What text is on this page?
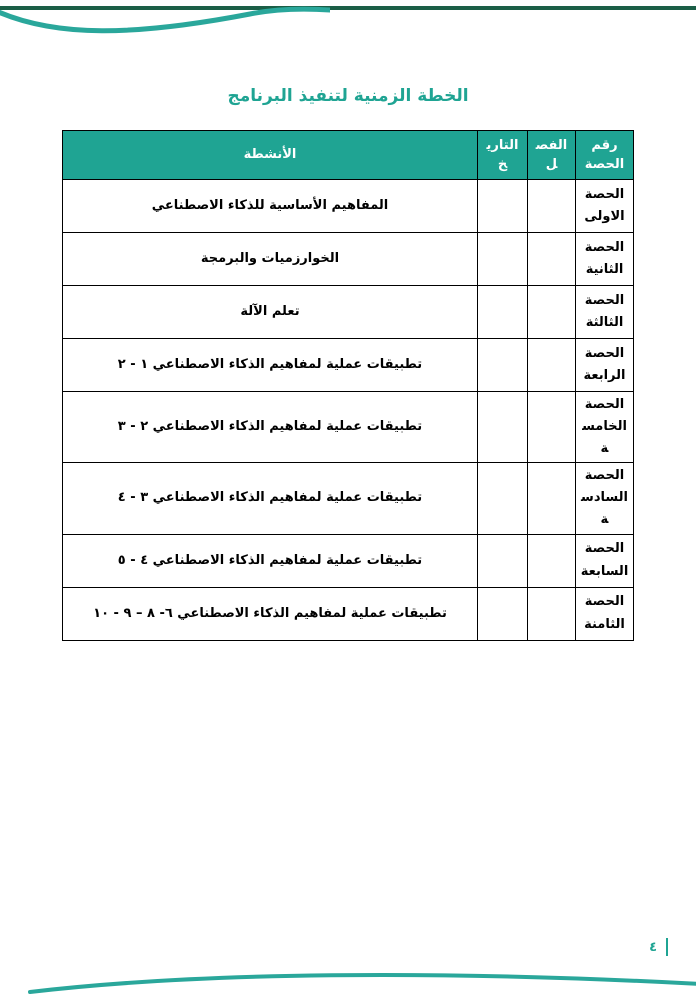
الخطة الزمنية لتنفيذ البرنامج
رقم الحصة	الفصل	التاريخ	الأنشطة
الحصة الاولى			المفاهيم الأساسية للذكاء الاصطناعي
الحصة الثانية			الخوارزميات والبرمجة
الحصة الثالثة			تعلم الآلة
الحصة الرابعة			تطبيقات عملية لمفاهيم الذكاء الاصطناعي ١ - ٢
الحصة الخامسة			تطبيقات عملية لمفاهيم الذكاء الاصطناعي ٢ - ٣
الحصة السادسة			تطبيقات عملية لمفاهيم الذكاء الاصطناعي ٣ - ٤
الحصة السابعة			تطبيقات عملية لمفاهيم الذكاء الاصطناعي ٤ - ٥
الحصة الثامنة			تطبيقات عملية لمفاهيم الذكاء الاصطناعي ٦- ٨ – ٩ - ١٠
٤
